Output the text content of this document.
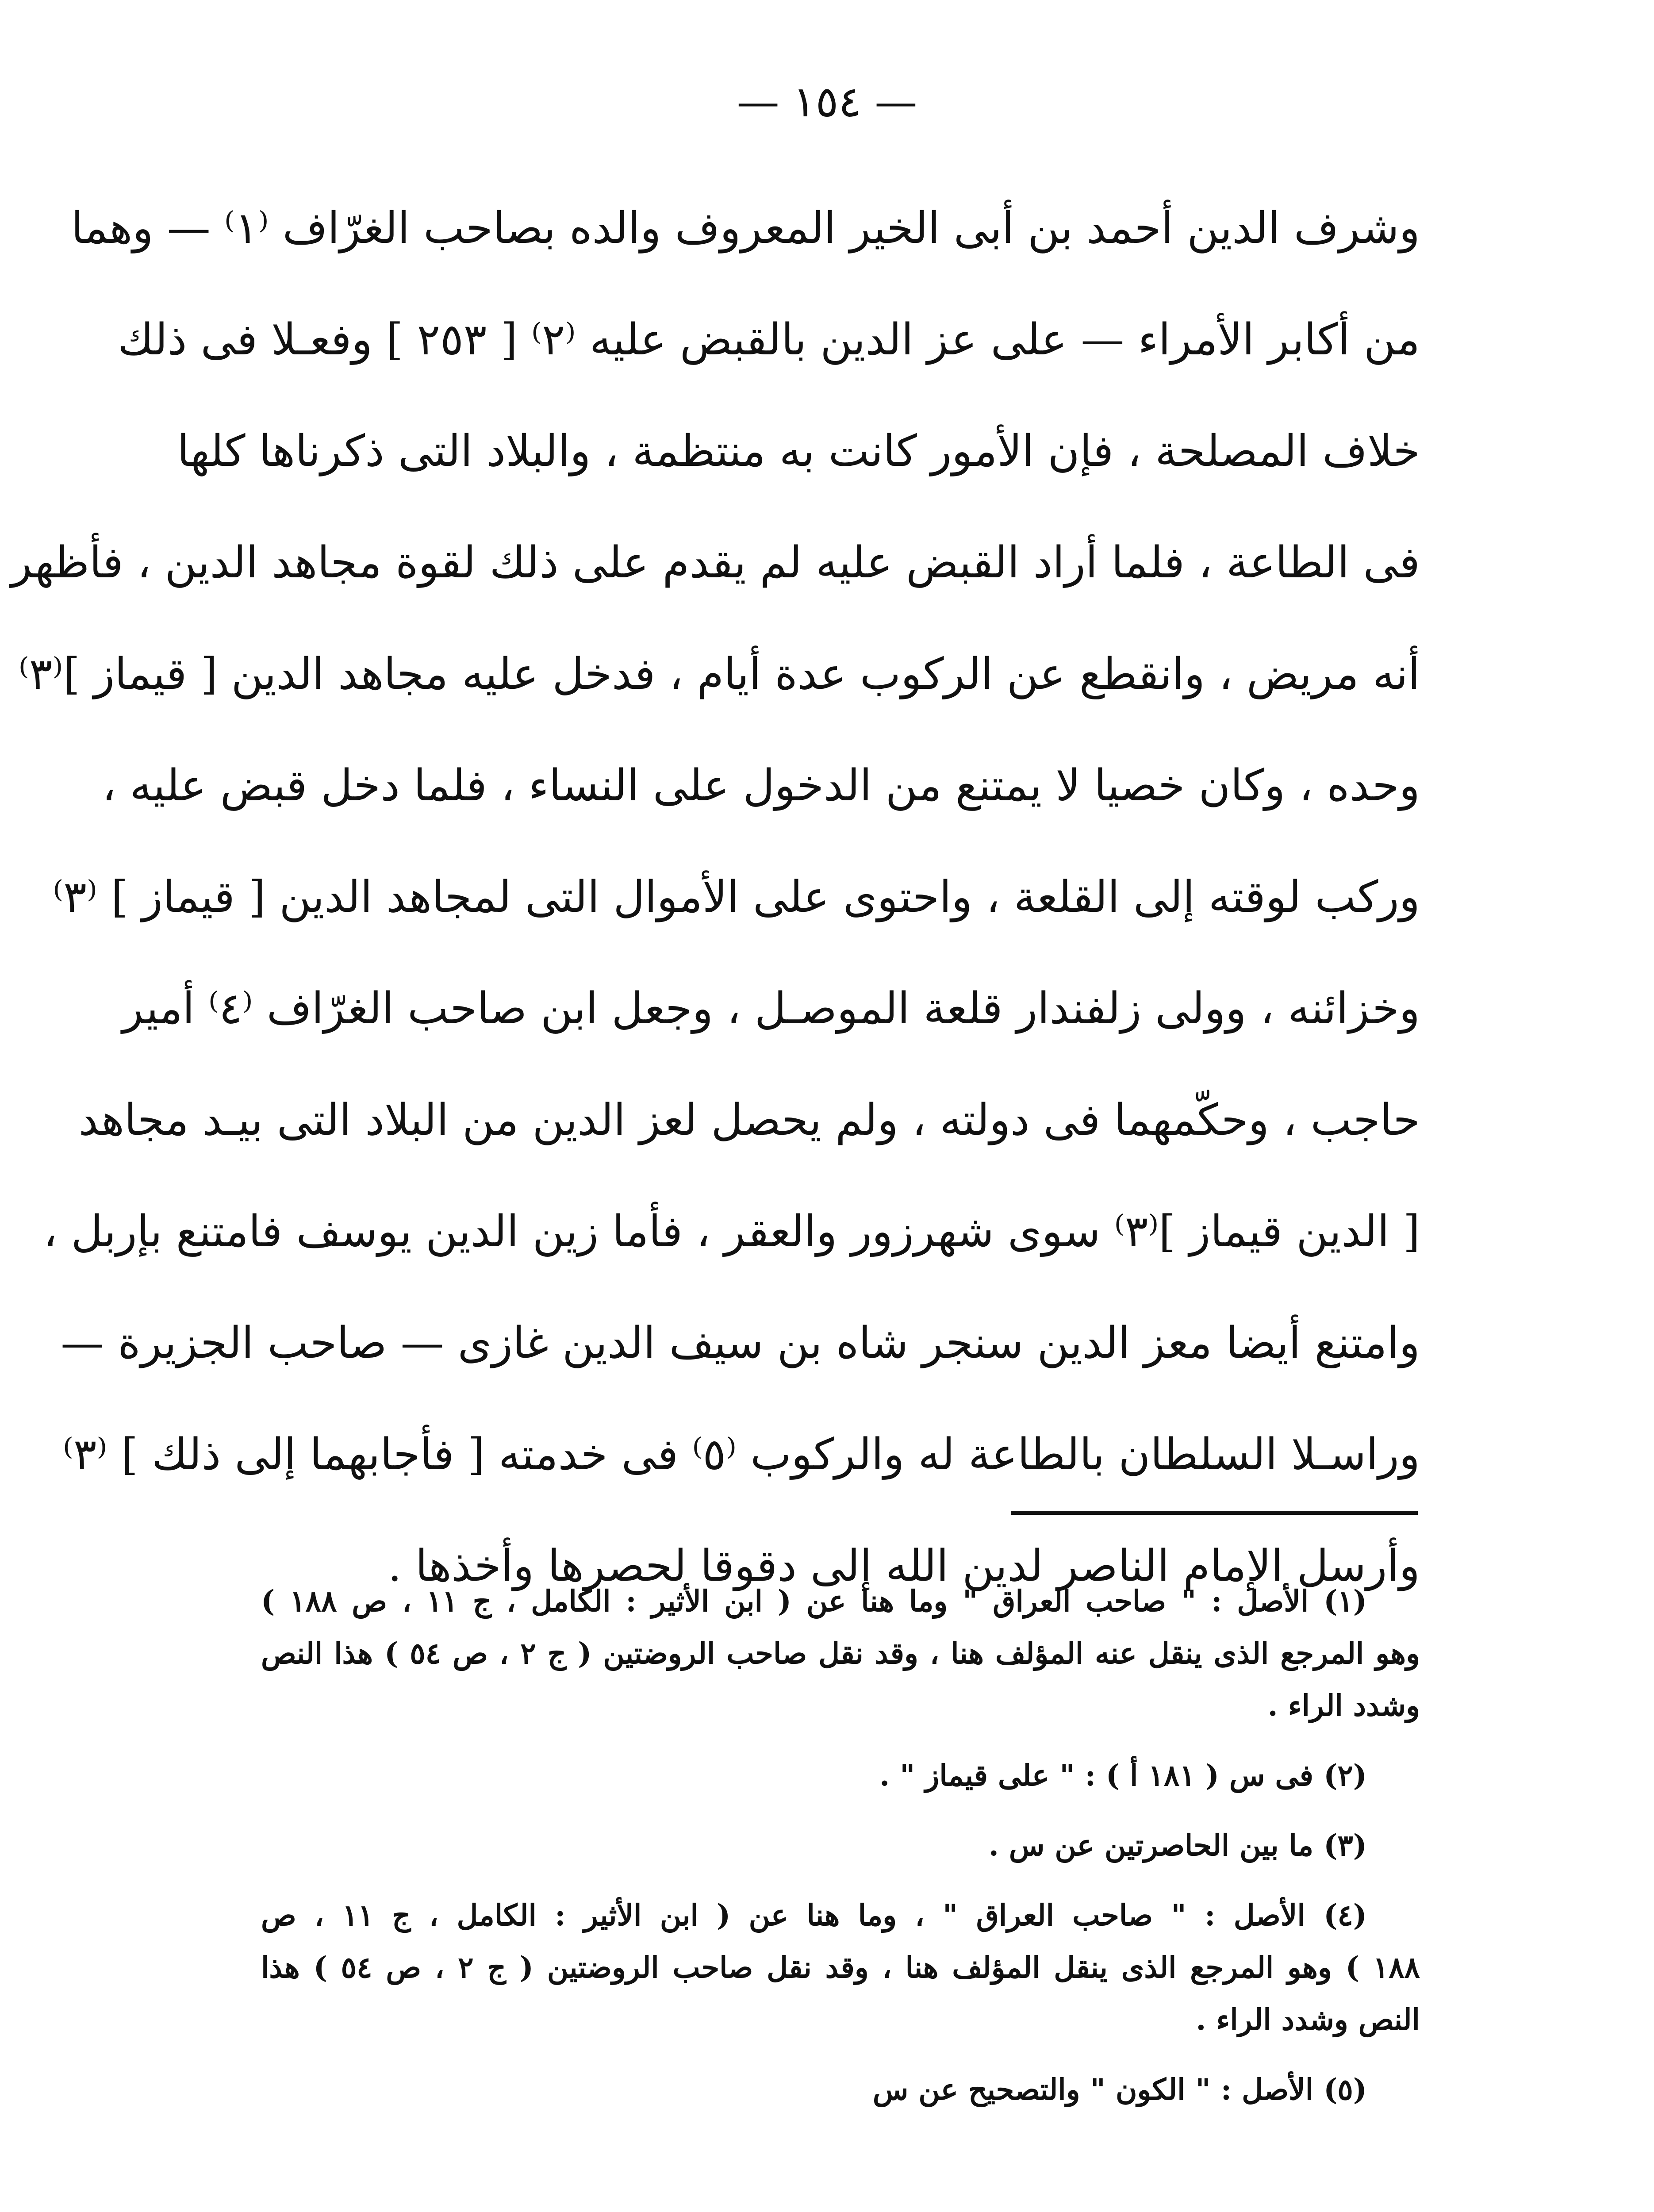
— ١٥٤ —
وشرف الدين أحمد بن أبى الخير المعروف والده بصاحب الغرّاف ⁽١⁾ — وهما
من أكابر الأمراء — على عز الدين بالقبض عليه ⁽٢⁾ [ ٢٥٣ ] وفعـلا فى ذلك
خلاف المصلحة ، فإن الأمور كانت به منتظمة ، والبلاد التى ذكرناها كلها
فى الطاعة ، فلما أراد القبض عليه لم يقدم على ذلك لقوة مجاهد الدين ، فأظهر
أنه مريض ، وانقطع عن الركوب عدة أيام ، فدخل عليه مجاهد الدين [ قيماز ]⁽٣⁾
وحده ، وكان خصيا لا يمتنع من الدخول على النساء ، فلما دخل قبض عليه ،
وركب لوقته إلى القلعة ، واحتوى على الأموال التى لمجاهد الدين [ قيماز ] ⁽٣⁾
وخزائنه ، وولى زلفندار قلعة الموصـل ، وجعل ابن صاحب الغرّاف ⁽٤⁾ أمير
حاجب ، وحكّمهما فى دولته ، ولم يحصل لعز الدين من البلاد التى بيـد مجاهد
[ الدين قيماز ]⁽٣⁾ سوى شهرزور والعقر ، فأما زين الدين يوسف فامتنع بإربل ،
وامتنع أيضا معز الدين سنجر شاه بن سيف الدين غازى — صاحب الجزيرة —
وراسـلا السلطان بالطاعة له والركوب ⁽٥⁾ فى خدمته [ فأجابهما إلى ذلك ] ⁽٣⁾
وأرسل الإمام الناصر لدين الله إلى دقوقا لحصرها وأخذها .
(١) الأصل : " صاحب العراق " وما هنا عن ( ابن الأثير : الكامل ، ج ١١ ، ص ١٨٨ )
وهو المرجع الذى ينقل عنه المؤلف هنا ، وقد نقل صاحب الروضتين ( ج ٢ ، ص ٥٤ ) هذا النص
وشدد الراء .
(٢) فى س ( ١٨١ أ ) : " على قيماز " .
(٣) ما بين الحاصرتين عن س .
(٤) الأصل : " صاحب العراق " ، وما هنا عن ( ابن الأثير : الكامل ، ج ١١ ، ص
١٨٨ ) وهو المرجع الذى ينقل المؤلف هنا ، وقد نقل صاحب الروضتين ( ج ٢ ، ص ٥٤ ) هذا
النص وشدد الراء .
(٥) الأصل : " الكون " والتصحيح عن س
